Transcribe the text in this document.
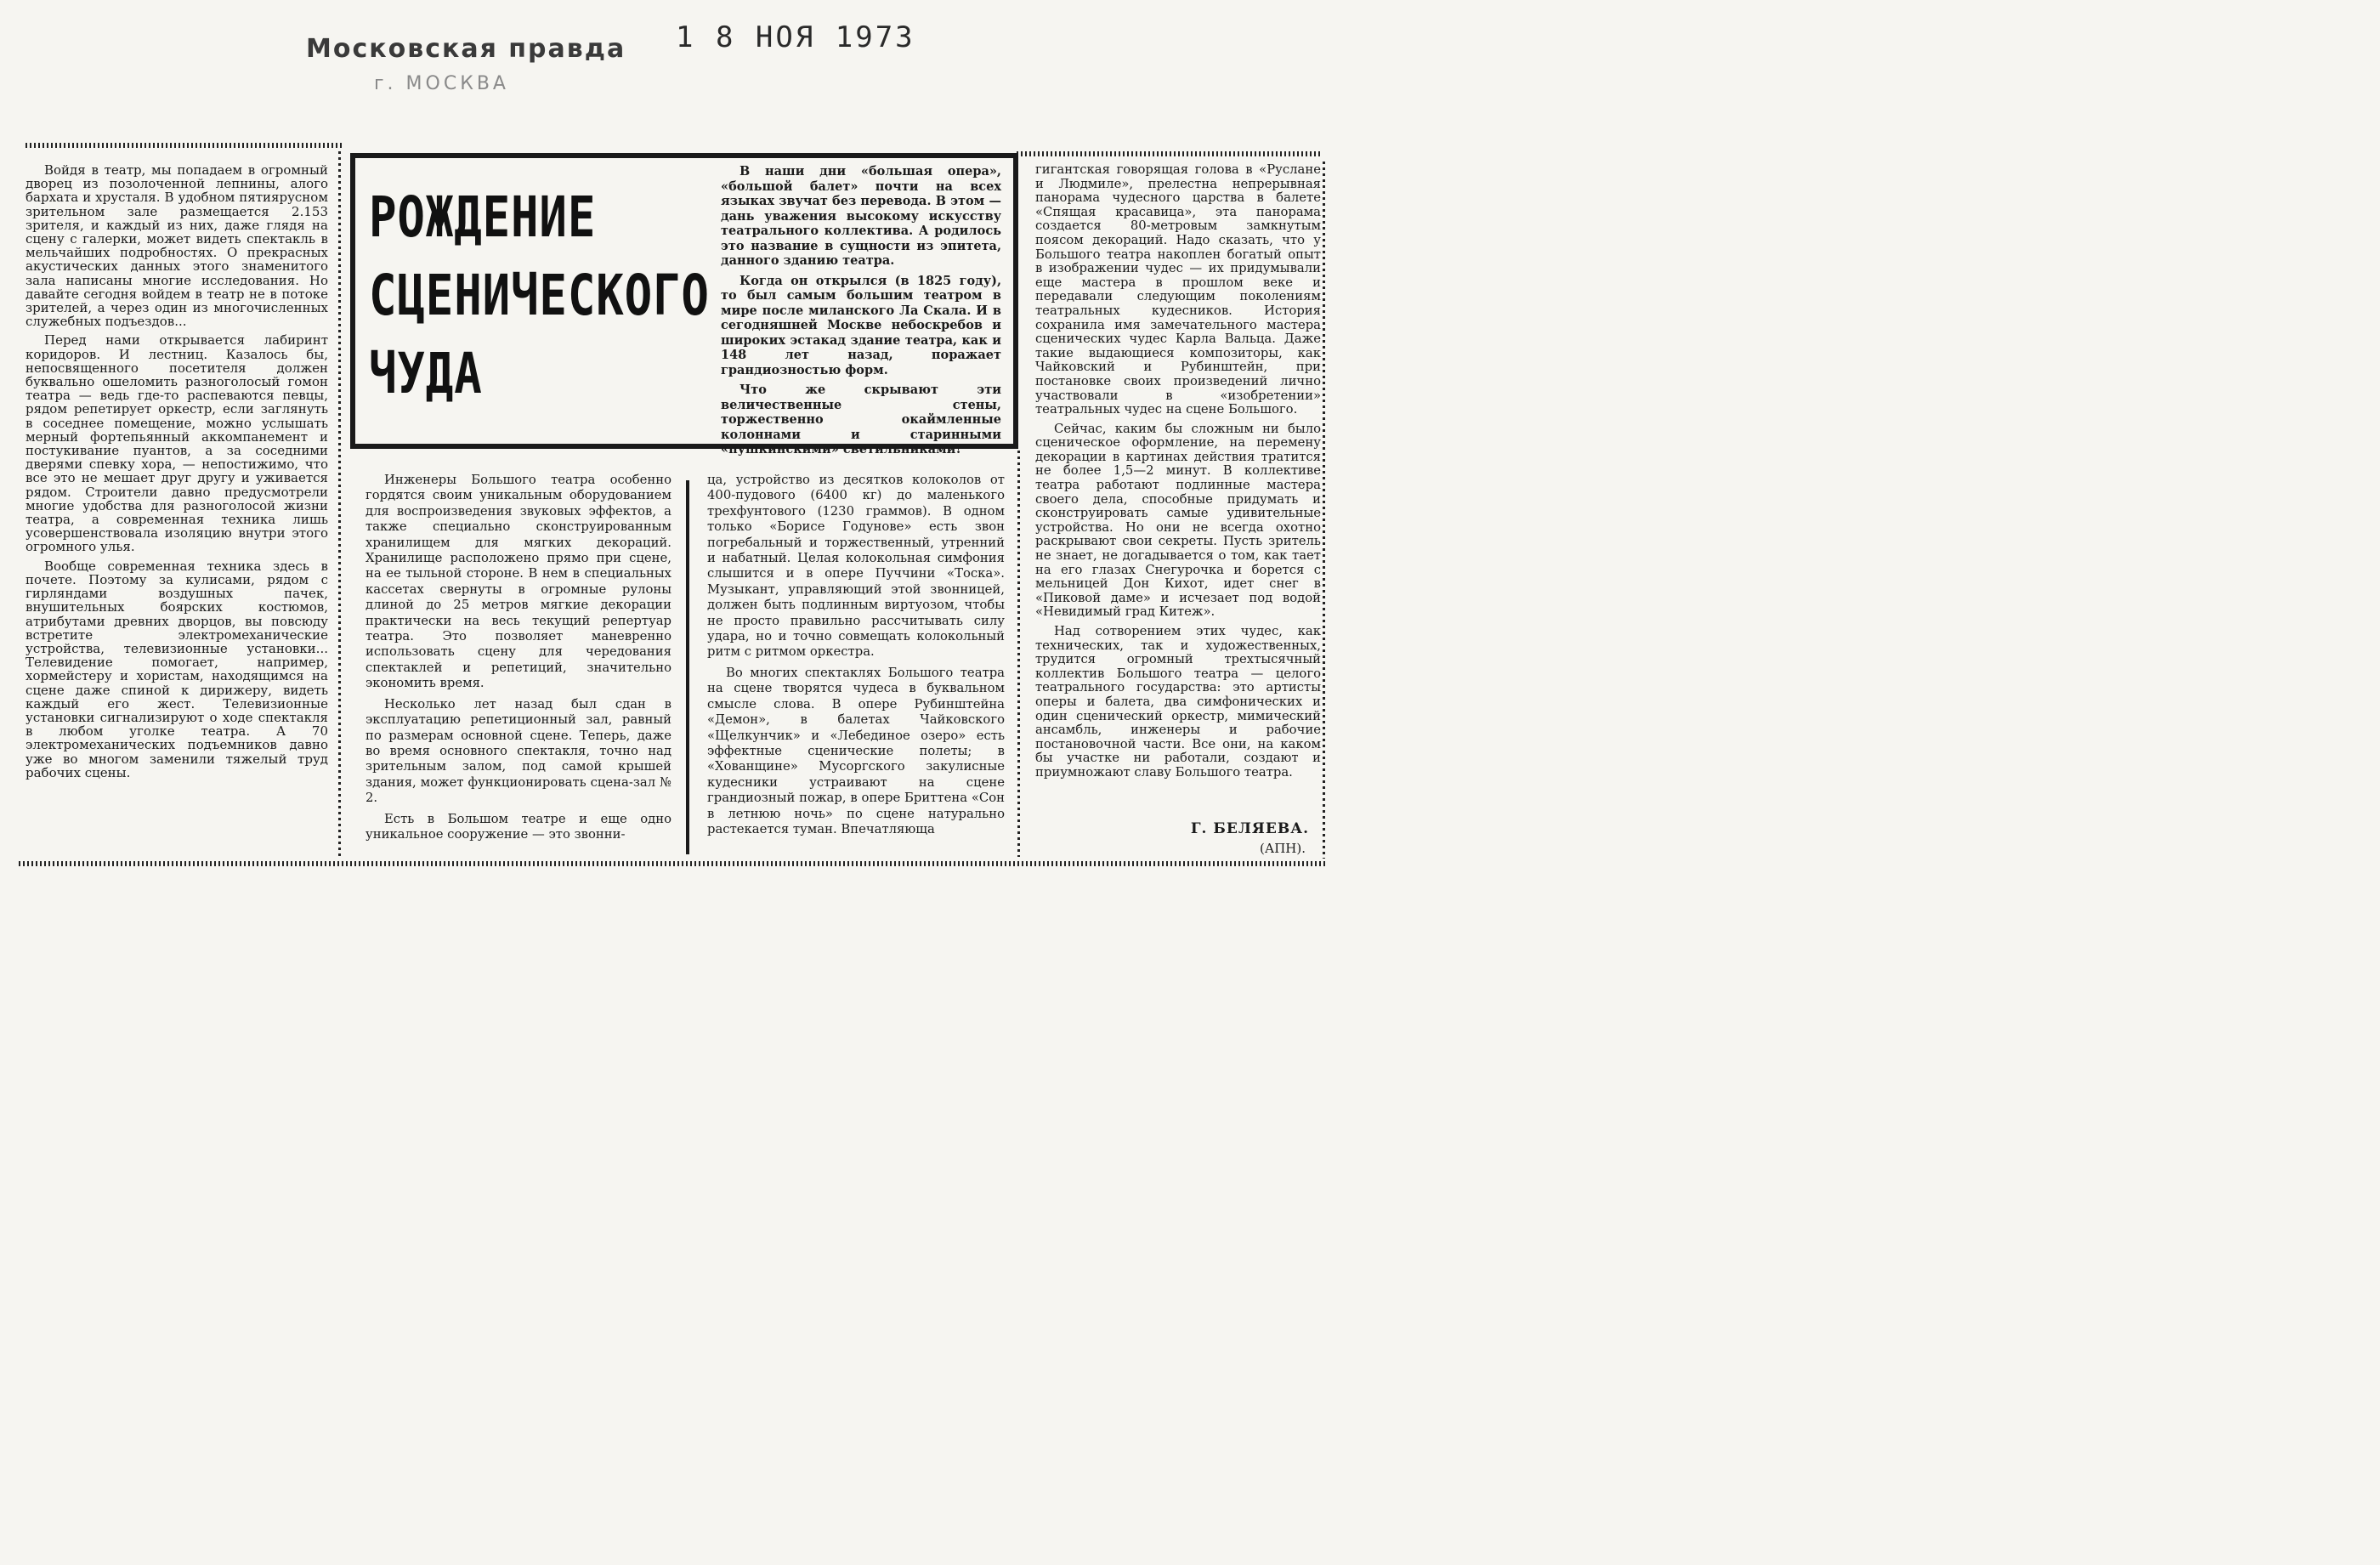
Московская правда
г. МОСКВА
1 8 НОЯ 1973
РОЖДЕНИЕ
СЦЕНИЧЕСКОГО
ЧУДА

В наши дни «большая опера», «большой балет» почти на всех языках звучат без перевода. В этом — дань уважения высокому искусству театрального коллектива. А родилось это название в сущности из эпитета, данного зданию театра.

Когда он открылся (в 1825 году), то был самым большим театром в мире после миланского Ла Скала. И в сегодняшней Москве небоскребов и широких эстакад здание театра, как и 148 лет назад, поражает грандиозностью форм.

Что же скрывают эти величественные стены, торжественно окаймленные колоннами и старинными «пушкинскими» светильниками!

Войдя в театр, мы попадаем в огромный дворец из позолоченной лепнины, алого бархата и хрусталя. В удобном пятиярусном зрительном зале размещается 2.153 зрителя, и каждый из них, даже глядя на сцену с галерки, может видеть спектакль в мельчайших подробностях. О прекрасных акустических данных этого знаменитого зала написаны многие исследования. Но давайте сегодня войдем в театр не в потоке зрителей, а через один из многочисленных служебных подъездов...

Перед нами открывается лабиринт коридоров. И лестниц. Казалось бы, непосвященного посетителя должен буквально ошеломить разноголосый гомон театра — ведь где-то распеваются певцы, рядом репетирует оркестр, если заглянуть в соседнее помещение, можно услышать мерный фортепьянный аккомпанемент и постукивание пуантов, а за соседними дверями спевку хора, — непостижимо, что все это не мешает друг другу и уживается рядом. Строители давно предусмотрели многие удобства для разноголосой жизни театра, а современная техника лишь усовершенствовала изоляцию внутри этого огромного улья.

Вообще современная техника здесь в почете. Поэтому за кулисами, рядом с гирляндами воздушных пачек, внушительных боярских костюмов, атрибутами древних дворцов, вы повсюду встретите электромеханические устройства, телевизионные установки... Телевидение помогает, например, хормейстеру и хористам, находящимся на сцене даже спиной к дирижеру, видеть каждый его жест. Телевизионные установки сигнализируют о ходе спектакля в любом уголке театра. А 70 электромеханических подъемников давно уже во многом заменили тяжелый труд рабочих сцены.

Инженеры Большого театра особенно гордятся своим уникальным оборудованием для воспроизведения звуковых эффектов, а также специально сконструированным хранилищем для мягких декораций. Хранилище расположено прямо при сцене, на ее тыльной стороне. В нем в специальных кассетах свернуты в огромные рулоны длиной до 25 метров мягкие декорации практически на весь текущий репертуар театра. Это позволяет маневренно использовать сцену для чередования спектаклей и репетиций, значительно экономить время.

Несколько лет назад был сдан в эксплуатацию репетиционный зал, равный по размерам основной сцене. Теперь, даже во время основного спектакля, точно над зрительным залом, под самой крышей здания, может функционировать сцена-зал № 2.

Есть в Большом театре и еще одно уникальное сооружение — это звонни-

ца, устройство из десятков колоколов от 400-пудового (6400 кг) до маленького трехфунтового (1230 граммов). В одном только «Борисе Годунове» есть звон погребальный и торжественный, утренний и набатный. Целая колокольная симфония слышится и в опере Пуччини «Тоска». Музыкант, управляющий этой звонницей, должен быть подлинным виртуозом, чтобы не просто правильно рассчитывать силу удара, но и точно совмещать колокольный ритм с ритмом оркестра.

Во многих спектаклях Большого театра на сцене творятся чудеса в буквальном смысле слова. В опере Рубинштейна «Демон», в балетах Чайковского «Щелкунчик» и «Лебединое озеро» есть эффектные сценические полеты; в «Хованщине» Мусоргского закулисные кудесники устраивают на сцене грандиозный пожар, в опере Бриттена «Сон в летнюю ночь» по сцене натурально растекается туман. Впечатляюща

гигантская говорящая голова в «Руслане и Людмиле», прелестна непрерывная панорама чудесного царства в балете «Спящая красавица», эта панорама создается 80-метровым замкнутым поясом декораций. Надо сказать, что у Большого театра накоплен богатый опыт в изображении чудес — их придумывали еще мастера в прошлом веке и передавали следующим поколениям театральных кудесников. История сохранила имя замечательного мастера сценических чудес Карла Вальца. Даже такие выдающиеся композиторы, как Чайковский и Рубинштейн, при постановке своих произведений лично участвовали в «изобретении» театральных чудес на сцене Большого.

Сейчас, каким бы сложным ни было сценическое оформление, на перемену декорации в картинах действия тратится не более 1,5—2 минут. В коллективе театра работают подлинные мастера своего дела, способные придумать и сконструировать самые удивительные устройства. Но они не всегда охотно раскрывают свои секреты. Пусть зритель не знает, не догадывается о том, как тает на его глазах Снегурочка и борется с мельницей Дон Кихот, идет снег в «Пиковой даме» и исчезает под водой «Невидимый град Китеж».

Над сотворением этих чудес, как технических, так и художественных, трудится огромный трехтысячный коллектив Большого театра — целого театрального государства: это артисты оперы и балета, два симфонических и один сценический оркестр, мимический ансамбль, инженеры и рабочие постановочной части. Все они, на каком бы участке ни работали, создают и приумножают славу Большого театра.

Г. БЕЛЯЕВА.
(АПН).
